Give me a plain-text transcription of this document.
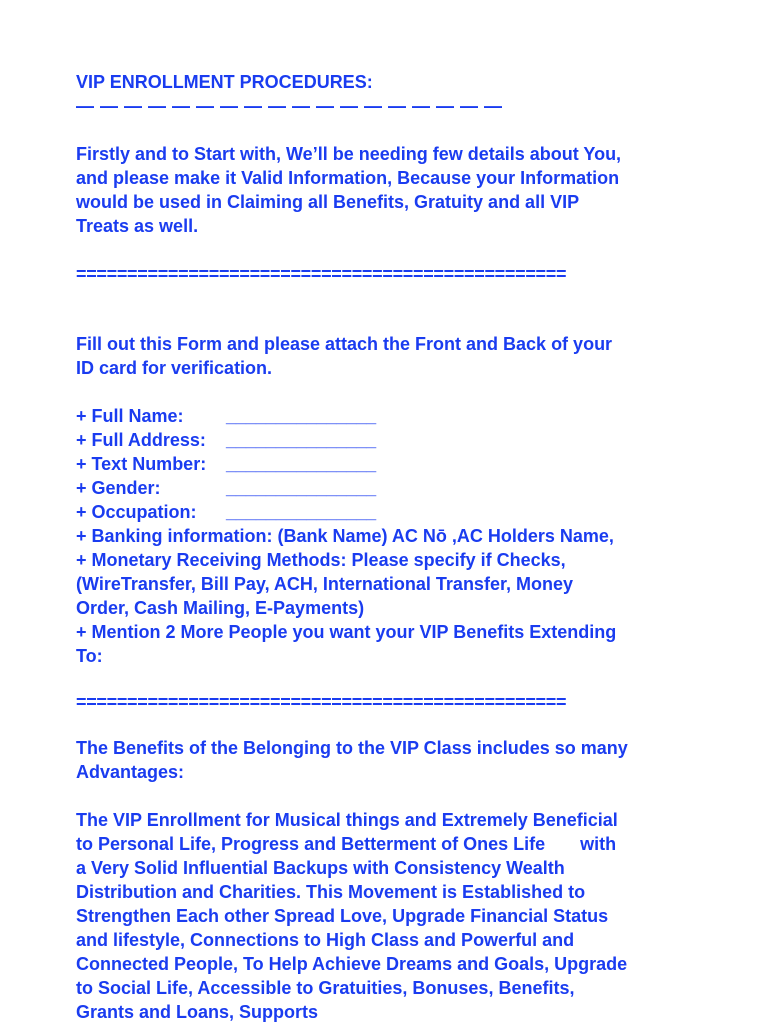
VIP ENROLLMENT PROCEDURES:
— — — — — — — — — — — — — — — — — —
Firstly and to Start with, We’ll be needing few details about You,
and please make it Valid Information, Because your Information
would be used in Claiming all Benefits, Gratuity and all VIP
Treats as well.
================================================
Fill out this Form and please attach the Front and Back of your
ID card for verification.
+ Full Name:	_______________
+ Full Address:	_______________
+ Text Number:	_______________
+ Gender:	_______________
+ Occupation:	_______________
+ Banking information: (Bank Name) AC Nō ,AC Holders Name,
+ Monetary Receiving Methods: Please specify if Checks,
(WireTransfer, Bill Pay, ACH, International Transfer, Money
Order, Cash Mailing, E-Payments)
+ Mention 2 More People you want your VIP Benefits Extending
To:
================================================
The Benefits of the Belonging to the VIP Class includes so many
Advantages:
The VIP Enrollment for Musical things and Extremely Beneficial
to Personal Life, Progress and Betterment of Ones Life       with
a Very Solid Influential Backups with Consistency Wealth
Distribution and Charities. This Movement is Established to
Strengthen Each other Spread Love, Upgrade Financial Status
and lifestyle, Connections to High Class and Powerful and
Connected People, To Help Achieve Dreams and Goals, Upgrade
to Social Life, Accessible to Gratuities, Bonuses, Benefits,
Grants and Loans, Supports
